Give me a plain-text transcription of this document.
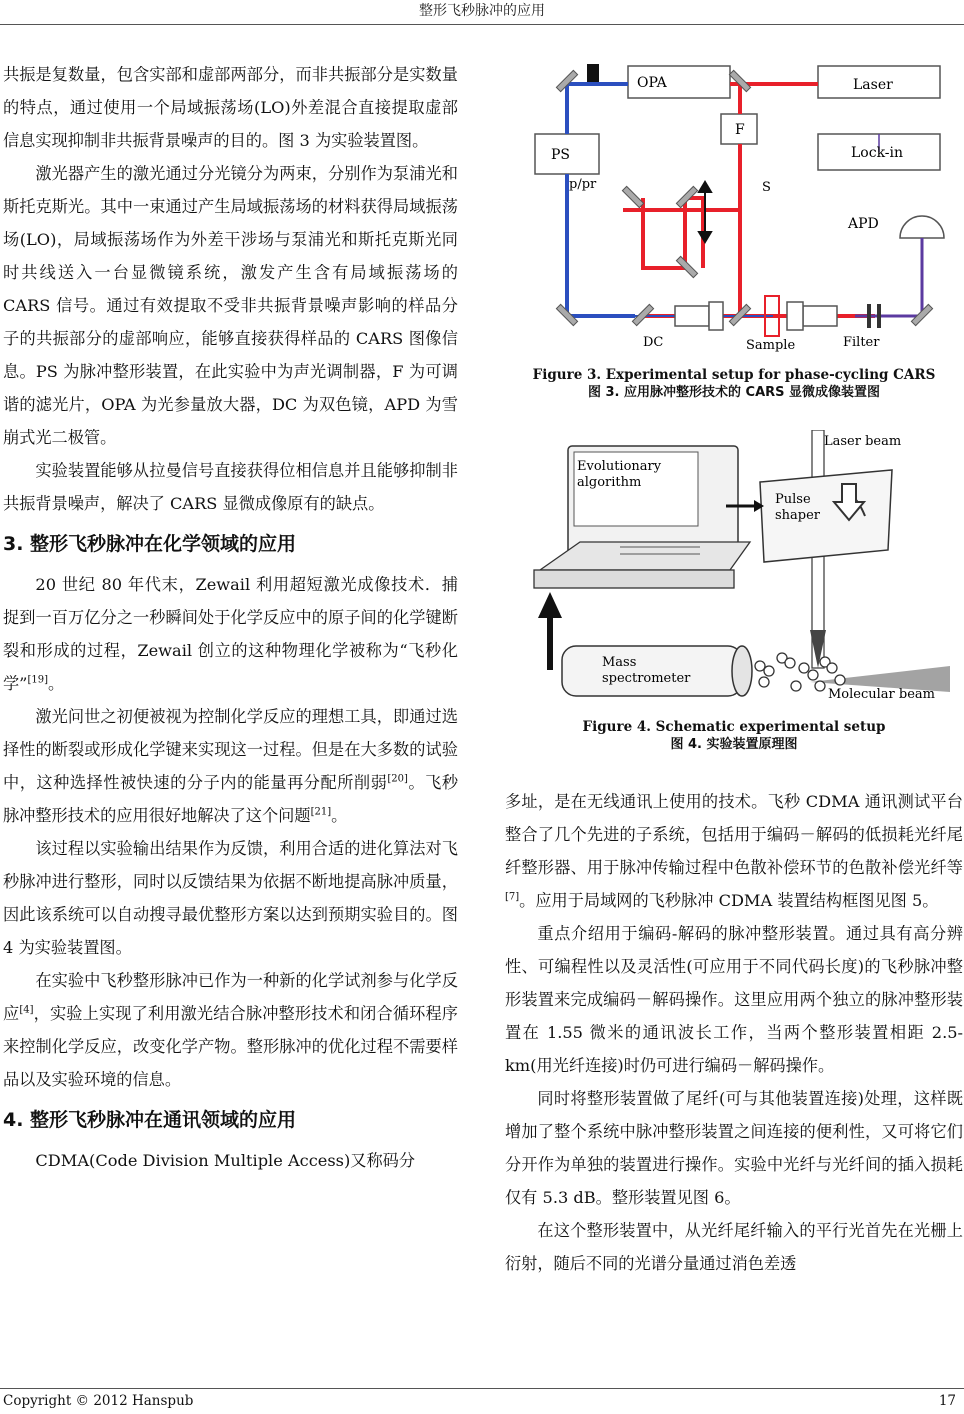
整形飞秒脉冲的应用

共振是复数量，包含实部和虚部两部分，而非共振部分是实数量的特点，通过使用一个局域振荡场(LO)外差混合直接提取虚部信息实现抑制非共振背景噪声的目的。图 3 为实验装置图。

激光器产生的激光通过分光镜分为两束，分别作为泵浦光和斯托克斯光。其中一束通过产生局域振荡场的材料获得局域振荡场(LO)，局域振荡场作为外差干涉场与泵浦光和斯托克斯光同时共线送入一台显微镜系统，激发产生含有局域振荡场的 CARS 信号。通过有效提取不受非共振背景噪声影响的样品分子的共振部分的虚部响应，能够直接获得样品的 CARS 图像信息。PS 为脉冲整形装置，在此实验中为声光调制器，F 为可调谐的滤光片，OPA 为光参量放大器，DC 为双色镜，APD 为雪崩式光二极管。

实验装置能够从拉曼信号直接获得位相信息并且能够抑制非共振背景噪声，解决了 CARS 显微成像原有的缺点。

3. 整形飞秒脉冲在化学领域的应用

20 世纪 80 年代末，Zewail 利用超短激光成像技术．捕捉到一百万亿分之一秒瞬间处于化学反应中的原子间的化学键断裂和形成的过程，Zewail 创立的这种物理化学被称为“飞秒化学”[19]。

激光问世之初便被视为控制化学反应的理想工具，即通过选择性的断裂或形成化学键来实现这一过程。但是在大多数的试验中，这种选择性被快速的分子内的能量再分配所削弱[20]。飞秒脉冲整形技术的应用很好地解决了这个问题[21]。

该过程以实验输出结果作为反馈，利用合适的进化算法对飞秒脉冲进行整形，同时以反馈结果为依据不断地提高脉冲质量，因此该系统可以自动搜寻最优整形方案以达到预期实验目的。图 4 为实验装置图。

在实验中飞秒整形脉冲已作为一种新的化学试剂参与化学反应[4]，实验上实现了利用激光结合脉冲整形技术和闭合循环程序来控制化学反应，改变化学产物。整形脉冲的优化过程不需要样品以及实验环境的信息。

4. 整形飞秒脉冲在通讯领域的应用

CDMA(Code Division Multiple Access)又称码分

OPA	Laser
F
PS	Lock-in
p/pr	S
APD
DC	Sample	Filter
Figure 3. Experimental setup for phase-cycling CARS
图 3. 应用脉冲整形技术的 CARS 显微成像装置图
Laser beam
Evolutionary
algorithm
Pulse
shaper
Mass
spectrometer
Molecular beam
Figure 4. Schematic experimental setup
图 4. 实验装置原理图

多址，是在无线通讯上使用的技术。飞秒 CDMA 通讯测试平台整合了几个先进的子系统，包括用于编码－解码的低损耗光纤尾纤整形器、用于脉冲传输过程中色散补偿环节的色散补偿光纤等[7]。应用于局域网的飞秒脉冲 CDMA 装置结构框图见图 5。

重点介绍用于编码-解码的脉冲整形装置。通过具有高分辨性、可编程性以及灵活性(可应用于不同代码长度)的飞秒脉冲整形装置来完成编码－解码操作。这里应用两个独立的脉冲整形装置在 1.55 微米的通讯波长工作，当两个整形装置相距 2.5-km(用光纤连接)时仍可进行编码－解码操作。

同时将整形装置做了尾纤(可与其他装置连接)处理，这样既增加了整个系统中脉冲整形装置之间连接的便利性，又可将它们分开作为单独的装置进行操作。实验中光纤与光纤间的插入损耗仅有 5.3 dB。整形装置见图 6。

在这个整形装置中，从光纤尾纤输入的平行光首先在光栅上衍射，随后不同的光谱分量通过消色差透

Copyright © 2012 Hanspub	17
